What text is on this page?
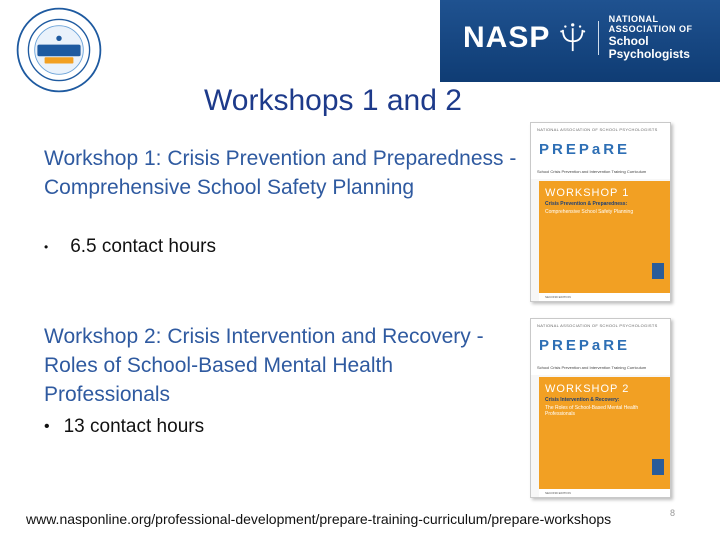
NASP
NATIONAL ASSOCIATION OF
School Psychologists
Workshops 1 and 2
Workshop 1: Crisis Prevention and Preparedness - Comprehensive School Safety Planning
• 6.5 contact hours
Workshop 2: Crisis Intervention and Recovery - Roles of School-Based Mental Health Professionals
• 13 contact hours
NATIONAL ASSOCIATION OF SCHOOL PSYCHOLOGISTS
PREPaRE
School Crisis Prevention and Intervention Training Curriculum
WORKSHOP 1
Crisis Prevention & Preparedness:
Comprehensive School Safety Planning
SECOND EDITION
NATIONAL ASSOCIATION OF SCHOOL PSYCHOLOGISTS
PREPaRE
School Crisis Prevention and Intervention Training Curriculum
WORKSHOP 2
Crisis Intervention & Recovery:
The Roles of School-Based Mental Health Professionals
SECOND EDITION
www.nasponline.org/professional-development/prepare-training-curriculum/prepare-workshops	8
